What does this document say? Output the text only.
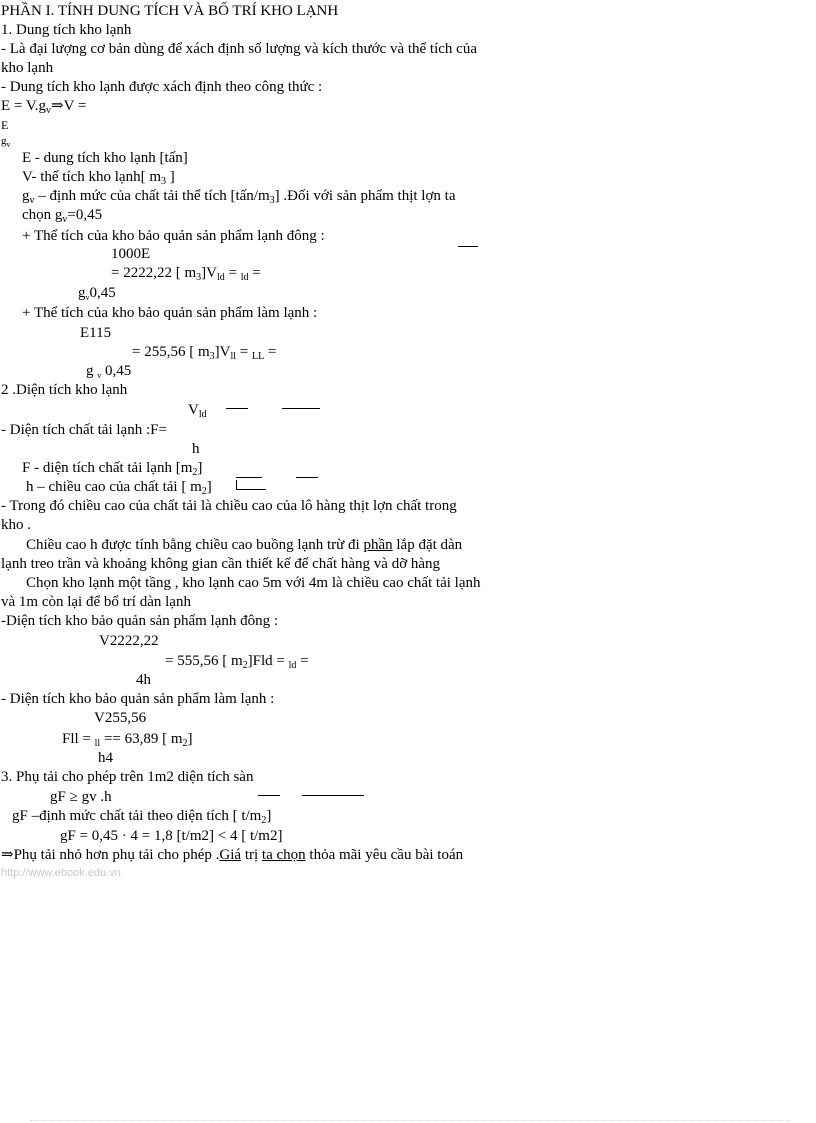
PHẦN I. TÍNH DUNG TÍCH VÀ BỐ TRÍ KHO LẠNH
1. Dung tích kho lạnh
- Là đại lượng cơ bản dùng để xách định số lượng và kích thước và thể tích của
kho lạnh
- Dung tích kho lạnh được xách định theo công thức :
$E = V.g_v\Rightarrow V$ =
E
$g_v$
E - dung tích kho lạnh [tấn]
V- thể tích kho lạnh[ $m_3$ ]
$g_v$ – định mức của chất tải thể tích $[tấn/m_3]$ .Đối với sản phẩm thịt lợn ta
chọn $g_v=0,45$
+ Thể tích của kho bảo quản sản phẩm lạnh đông :
1000E
= 2222,22 [ $m_3]V_{ld} = _{ld}$ =
$g_v0,45$
+ Thể tích của kho bảo quản sản phẩm làm lạnh :
E115
= 255,56 [ $m_3]V_{ll} = _{LL}$ =
g $_v$ 0,45
2 .Diện tích kho lạnh
$V_{ld}$
- Diện tích chất tải lạnh :F=
h
F - diện tích chất tải lạnh $[m_2]$
h – chiều cao của chất tải [ $m_2$]
- Trong đó chiều cao của chất tải là chiều cao của lô hàng thịt lợn chất trong
kho .
Chiều cao h được tính bằng chiều cao buồng lạnh trừ đi phần lắp đặt dàn
lạnh treo trần và khoảng không gian cần thiết kế để chất hàng và dỡ hàng
Chọn kho lạnh một tầng , kho lạnh cao 5m với 4m là chiều cao chất tải lạnh
và 1m còn lại để bố trí dàn lạnh
-Diện tích kho bảo quản sản phẩm lạnh đông :
V2222,22
= 555,56 [ $m_2]Fld = _{ld}$ =
4h
- Diện tích kho bảo quản sản phẩm làm lạnh :
V255,56
Fll = $_{ll}$ == 63,89 [ $m_2$]
h4
3. Phụ tải cho phép trên 1m2 diện tích sàn
gF ≥ gv .h
gF –định mức chất tải theo diện tích [ $t/m_2$]
gF = 0,45 · 4 = 1,8 [t/m2] < 4 [ t/m2]
⇒Phụ tải nhỏ hơn phụ tải cho phép .Giá trị ta chọn thỏa mãi yêu cầu bài toán
http://www.ebook.edu.vn
